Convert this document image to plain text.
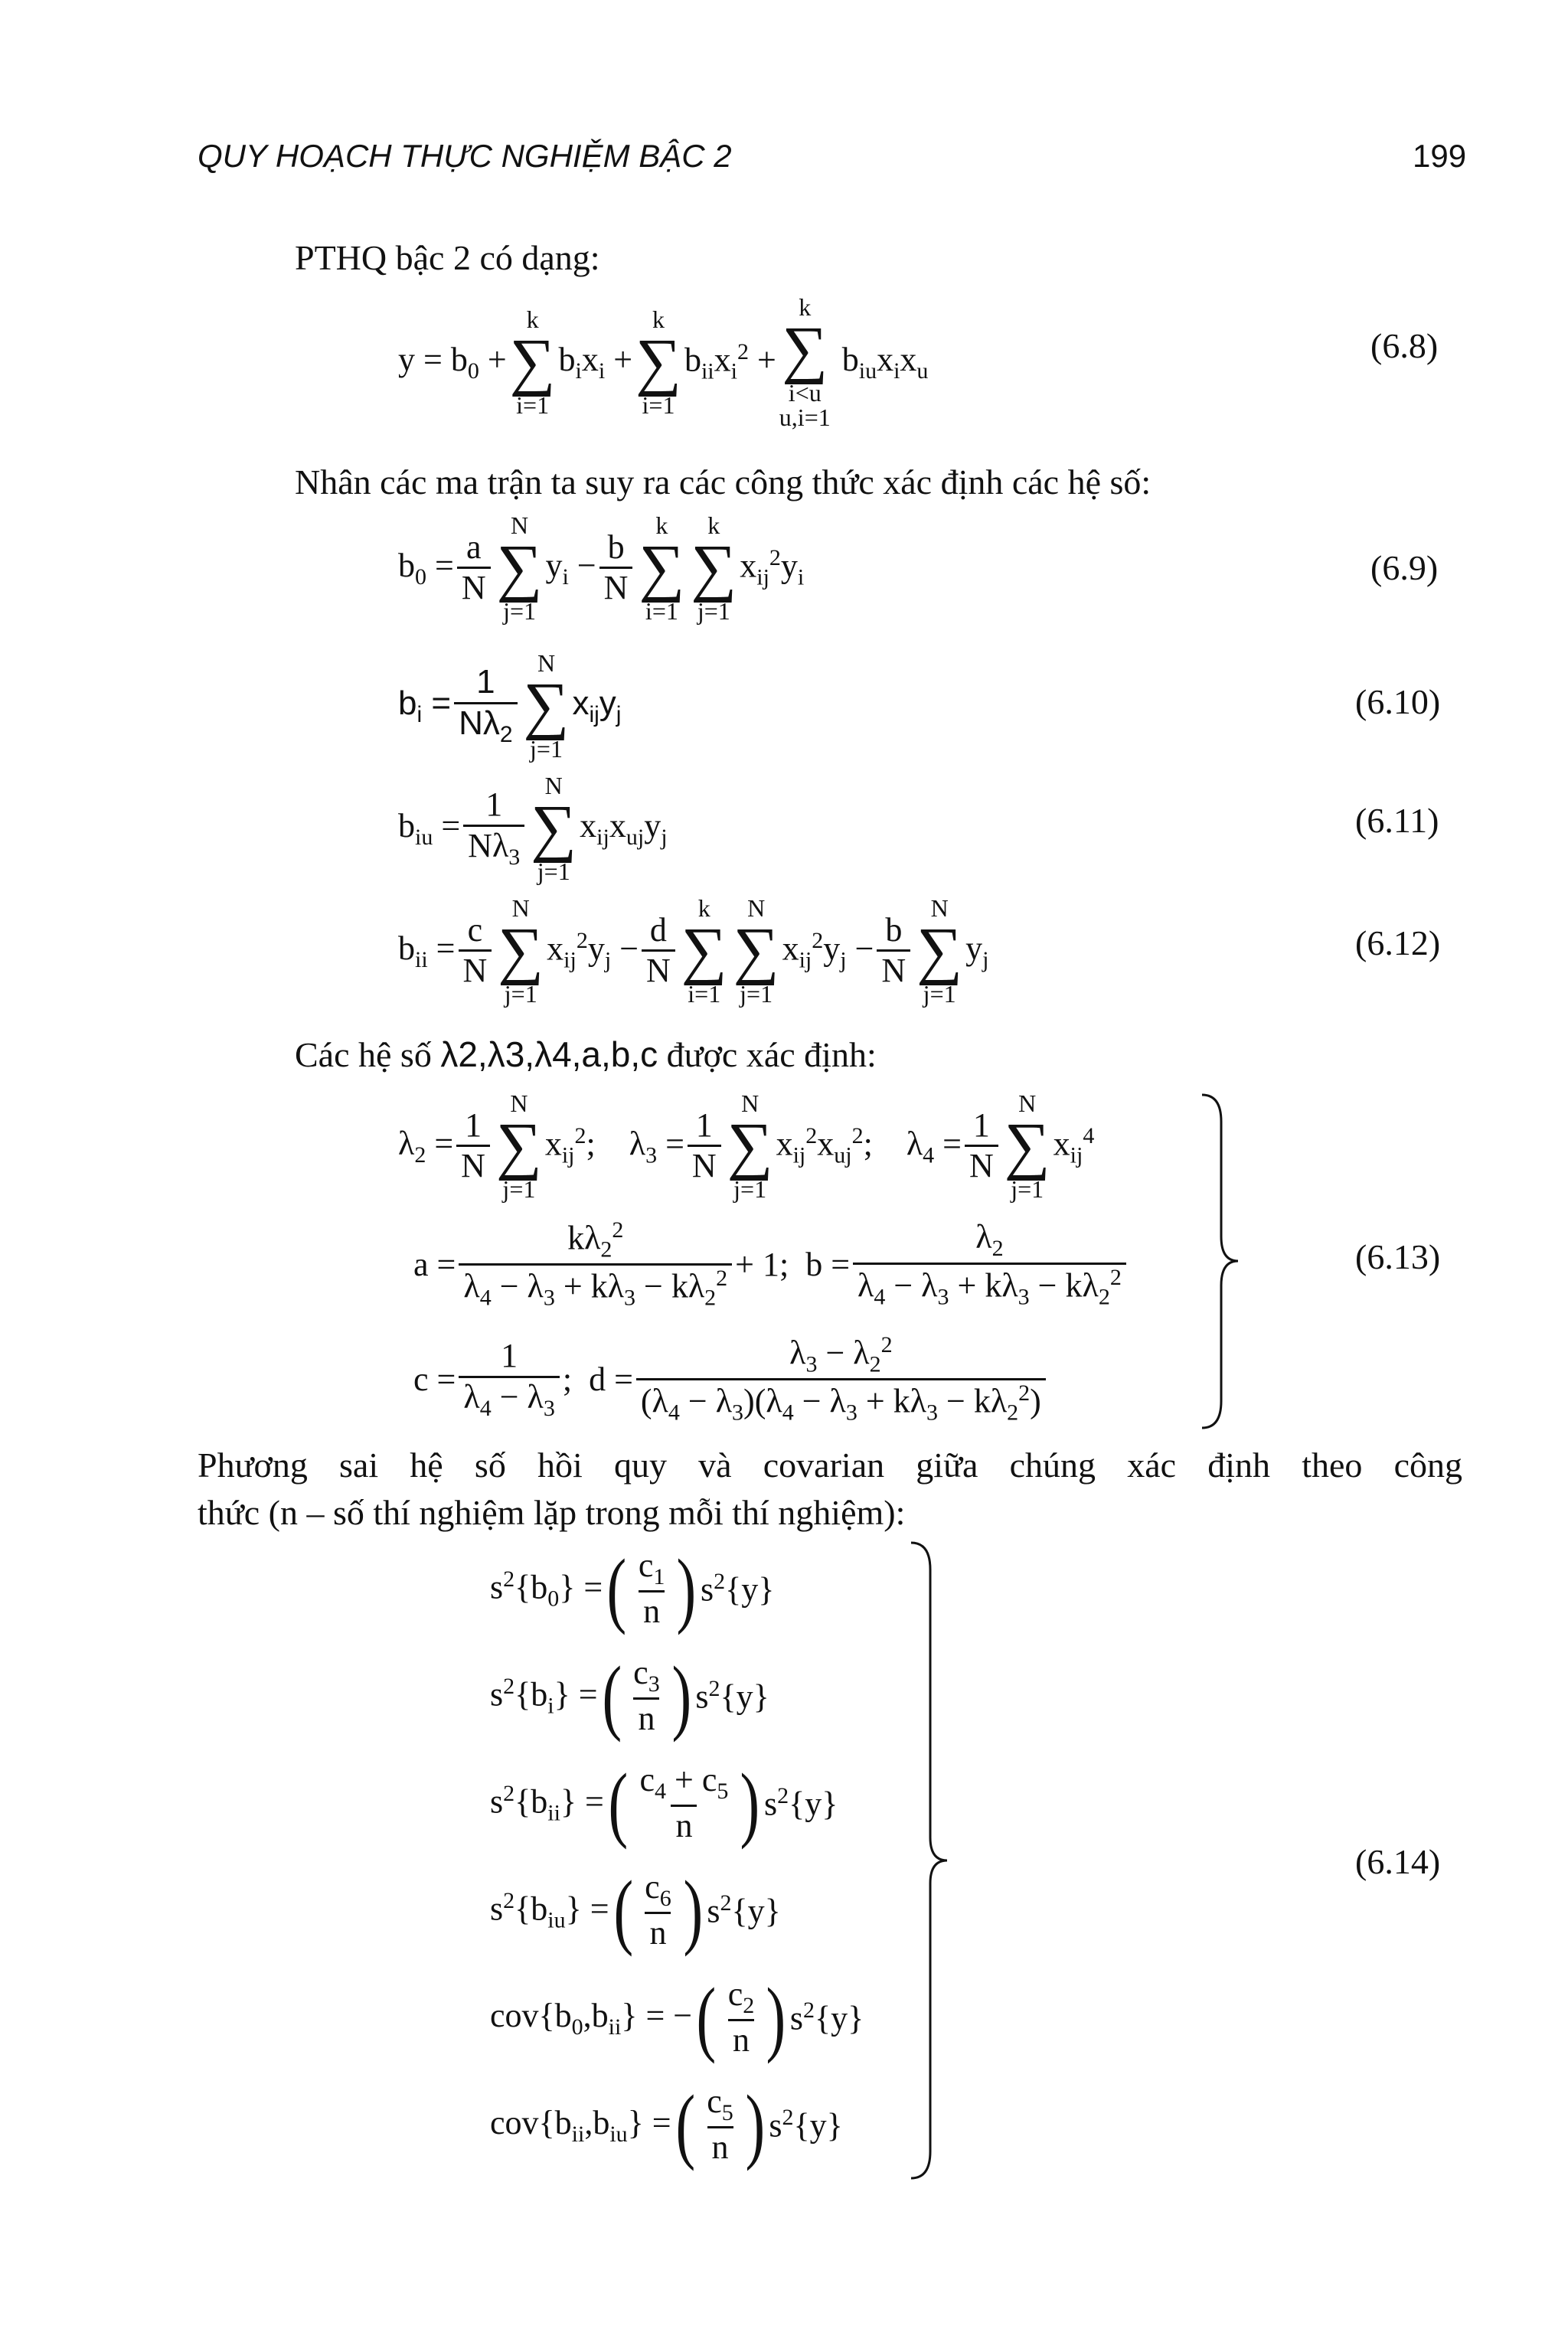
QUY HOẠCH THỰC NGHIỆM BẬC 2	199
PTHQ bậc 2 có dạng:
$y = b_0$ +
k
∑
i=1
$b_ix_i$ +
k
∑
i=1
$b_{ii}x_i^2$ +
k
∑
i<u
u,i=1
$b_{iu}x_ix_u$
(6.8)
Nhân các ma trận ta suy ra các công thức xác định các hệ số:
$b_0 = \frac{a}{N}$
N
∑
j=1
$y_i - \frac{b}{N}$
k
∑
i=1
k
∑
j=1
$x_{ij}^2y_i$	(6.9)
$b_i = \frac{1}{N\lambda_2}$
N
∑
j=1
$x_{ij}y_j$	(6.10)
$b_{iu} = \frac{1}{N\lambda_3}$
N
∑
j=1
$x_{ij}x_{uj}y_j$	(6.11)
$b_{ii} = \frac{c}{N}$
N
∑
j=1
$x_{ij}^2y_j - \frac{d}{N}$
k
∑
i=1
N
∑
j=1
$x_{ij}^2y_j - \frac{b}{N}$
N
∑
j=1
$y_j$	(6.12)
Các hệ số λ2,λ3,λ4,a,b,c được xác định:
$\lambda_2 = \frac{1}{N}$
N
∑
j=1
$x_{ij}^2$;    $\lambda_3 = \frac{1}{N}$
N
∑
j=1
$x_{ij}^2x_{uj}^2$;    $\lambda_4 = \frac{1}{N}$
N
∑
j=1
$x_{ij}^4$
$a = \frac{k\lambda_2^2}{\lambda_4 - \lambda_3 + k\lambda_3 - k\lambda_2^2} + 1$;  $b = \frac{\lambda_2}{\lambda_4 - \lambda_3 + k\lambda_3 - k\lambda_2^2}$
$c = \frac{1}{\lambda_4 - \lambda_3}$ ;  $d = \frac{\lambda_3 - \lambda_2^2}{(\lambda_4 - \lambda_3)(\lambda_4 - \lambda_3 + k\lambda_3 - k\lambda_2^2)}$
(6.13)
Phương sai hệ số hồi quy và covarian giữa chúng xác định theo công
thức (n – số thí nghiệm lặp trong mỗi thí nghiệm):
$s^2\{b_0\}$ = ( $\frac{c_1}{n}$ ) $s^2\{y\}$
$s^2\{b_i\}$ = ( $\frac{c_3}{n}$ ) $s^2\{y\}$
$s^2\{b_{ii}\}$ = ( $\frac{c_4 + c_5}{n}$ ) $s^2\{y\}$
$s^2\{b_{iu}\}$ = ( $\frac{c_6}{n}$ ) $s^2\{y\}$
$cov\{b_0,b_{ii}\}$ = − ( $\frac{c_2}{n}$ ) $s^2\{y\}$
$cov\{b_{ii},b_{iu}\}$ = ( $\frac{c_5}{n}$ ) $s^2\{y\}$
(6.14)
